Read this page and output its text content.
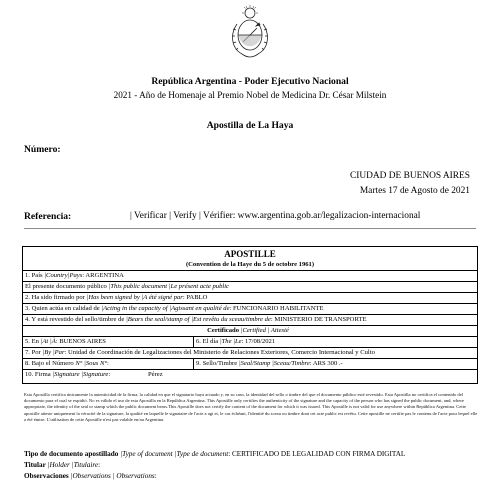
República Argentina - Poder Ejecutivo Nacional
2021 - Año de Homenaje al Premio Nobel de Medicina Dr. César Milstein
Apostilla de La Haya
Número:
CIUDAD DE BUENOS AIRES
Martes 17 de Agosto de 2021
Referencia:	| Verificar | Verify | Vérifier: www.argentina.gob.ar/legalizacion-internacional
APOSTILLE
(Convention de la Haye du 5 de octobre 1961)
1. País |Country|Pays: ARGENTINA
El presente documento público |This public document |Le présent acte public
2. Ha sido firmado por |Has been signed by |A été signé par: PABLO
3. Quien actúa en calidad de |Acting in the capacity of |Agissant en qualité de: FUNCIONARIO HABILITANTE
4. Y está revestido del sello/timbre de |Bears the seal/stamp of |Est revêtu du sceau/timbre de: MINISTERIO DE TRANSPORTE
Certificado |Certified | Attesté
5. En |At |À: BUENOS AIRES	6. El día |The |Le: 17/08/2021
7. Por |By |Par: Unidad de Coordinación de Legalizaciones del Ministerio de Relaciones Exteriores, Comercio Internacional y Culto
8. Bajo el Número N° |Sous N°:	9. Sello/Timbre |Seal/Stamp |Sceau/Timbre: ARS 300 .-
10. Firma |Signature |Signature:	Pérez
Esta Apostilla certifica únicamente la autenticidad de la firma, la calidad en que el signatario haya actuado y, en su caso, la identidad del sello o timbre del que el documento público esté revestido. Esta Apostilla no certifica el contenido del documento para el cual se expidió. No es válido el uso de esta Apostilla en la República Argentina. This Apostille only certifies the authenticity of the signature and the capacity of the person who has signed the public document, and, where appropriate, the identity of the seal or stamp which the public document bears.This Apostille does not certify the content of the document for which it was issued. This Apostille is not valid for use anywhere within República Argentina. Cette apostille atteste uniquement la véracité de la signature, la qualité en laquelle le signataire de l'acte a agi et, le cas échéant, l'identité du sceau ou timbre dont cet acte public est revêtu. Cette apostille ne certifie pas le contenu de l'acte pour lequel elle a été émise. L'utilisation de cette Apostille n'est pas valable en/au Argentina.
Tipo de documento apostillado |Type of document |Type de document: CERTIFICADO DE LEGALIDAD CON FIRMA DIGITAL
Titular |Holder |Titulaire:
Observaciones |Observations | Observations:
